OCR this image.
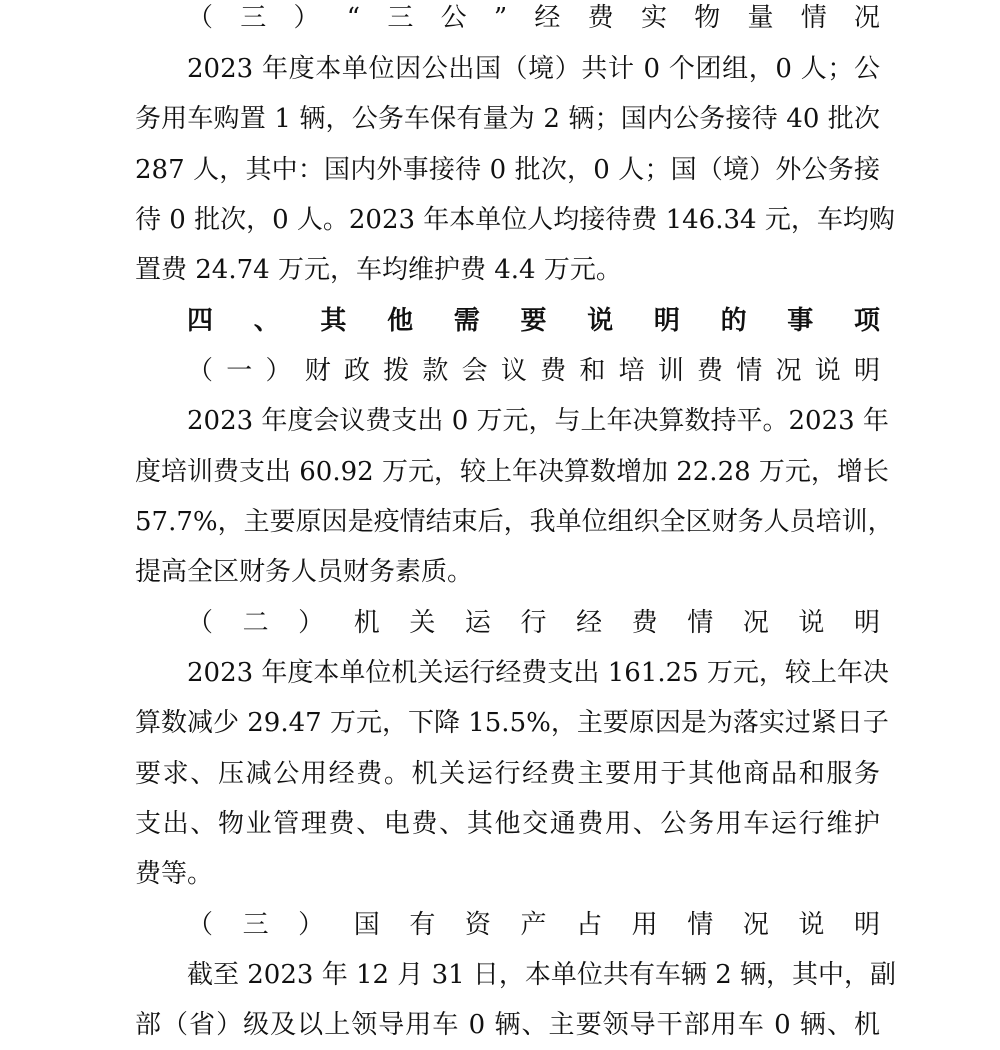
（三）“三公”经费实物量情况
2023 年度本单位因公出国（境）共计 0 个团组，0 人；公
务用车购置 1 辆，公务车保有量为 2 辆；国内公务接待 40 批次
287 人，其中：国内外事接待 0 批次，0 人；国（境）外公务接
待 0 批次，0 人。2023 年本单位人均接待费 146.34 元，车均购
置费 24.74 万元，车均维护费 4.4 万元。
四、其他需要说明的事项
（一）财政拨款会议费和培训费情况说明
2023 年度会议费支出 0 万元，与上年决算数持平。2023 年
度培训费支出 60.92 万元，较上年决算数增加 22.28 万元，增长
57.7%，主要原因是疫情结束后，我单位组织全区财务人员培训，
提高全区财务人员财务素质。
（二）机关运行经费情况说明
2023 年度本单位机关运行经费支出 161.25 万元，较上年决
算数减少 29.47 万元，下降 15.5%，主要原因是为落实过紧日子
要求、压减公用经费。机关运行经费主要用于其他商品和服务
支出、物业管理费、电费、其他交通费用、公务用车运行维护
费等。
（三）国有资产占用情况说明
截至 2023 年 12 月 31 日，本单位共有车辆 2 辆，其中，副
部（省）级及以上领导用车 0 辆、主要领导干部用车 0 辆、机
